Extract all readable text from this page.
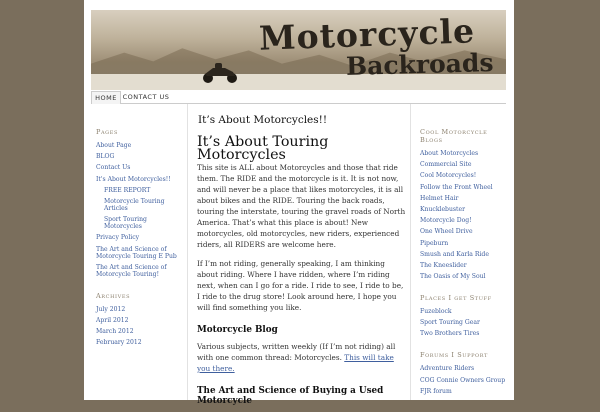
Motorcycle
Backroads
HOME CONTACT US
Pages
About Page
BLOG
Contact Us
It's About Motorcycles!!
FREE REPORT
Motorcycle Touring Articles
Sport Touring Motorcycles
Privacy Policy
The Art and Science of Motorcycle Touring E Pub
The Art and Science of Motorcycle Touring!
Archives
July 2012
April 2012
March 2012
February 2012
It’s About Motorcycles!!
It’s About Touring Motorcycles

This site is ALL about Motorcycles and those that ride them. The RIDE and the motorcycle is it. It is not now, and will never be a place that likes motorcycles, it is all about bikes and the RIDE. Touring the back roads, touring the interstate, touring the gravel roads of North America. That’s what this place is about! New motorcycles, old motorcycles, new riders, experienced riders, all RIDERS are welcome here.

If I’m not riding, generally speaking, I am thinking about riding. Where I have ridden, where I’m riding next, when can I go for a ride. I ride to see, I ride to be, I ride to the drug store! Look around here, I hope you will find something you like.

Motorcycle Blog

Various subjects, written weekly (If I’m not riding) all with one common thread: Motorcycles. This will take you there.

The Art and Science of Buying a Used Motorcycle
Cool Motorcycle Blogs
About Motorcycles
Commercial Site
Cool Motorcycles!
Follow the Front Wheel
Helmet Hair
Knucklebuster
Motorcycle Dog!
One Wheel Drive
Pipeburn
Smush and Karla Ride
The Kneeslider
The Oasis of My Soul
Places I get Stuff
Fuzeblock
Sport Touring Gear
Two Brothers Tires
Forums I Support
Adventure Riders
COG Connie Owners Group
FJR forum
